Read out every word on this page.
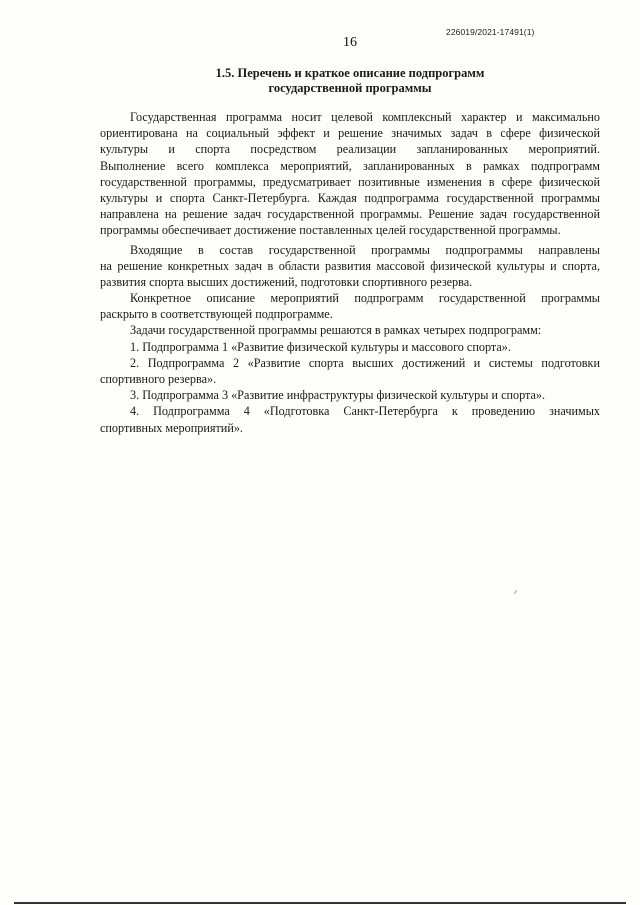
226019/2021-17491(1)
16
1.5. Перечень и краткое описание подпрограмм
государственной программы
Государственная программа носит целевой комплексный характер и максимально
ориентирована на социальный эффект и решение значимых задач в сфере физической
культуры и спорта посредством реализации запланированных мероприятий.
Выполнение всего комплекса мероприятий, запланированных в рамках подпрограмм
государственной программы, предусматривает позитивные изменения в сфере физической
культуры и спорта Санкт-Петербурга. Каждая подпрограмма государственной программы
направлена на решение задач государственной программы. Решение задач государственной
программы обеспечивает достижение поставленных целей государственной программы.
Входящие в состав государственной программы подпрограммы направлены
на решение конкретных задач в области развития массовой физической культуры и спорта,
развития спорта высших достижений, подготовки спортивного резерва.
Конкретное описание мероприятий подпрограмм государственной программы
раскрыто в соответствующей подпрограмме.
Задачи государственной программы решаются в рамках четырех подпрограмм:
1. Подпрограмма 1 «Развитие физической культуры и массового спорта».
2. Подпрограмма 2 «Развитие спорта высших достижений и системы подготовки
спортивного резерва».
3. Подпрограмма 3 «Развитие инфраструктуры физической культуры и спорта».
4. Подпрограмма 4 «Подготовка Санкт-Петербурга к проведению значимых
спортивных мероприятий».
